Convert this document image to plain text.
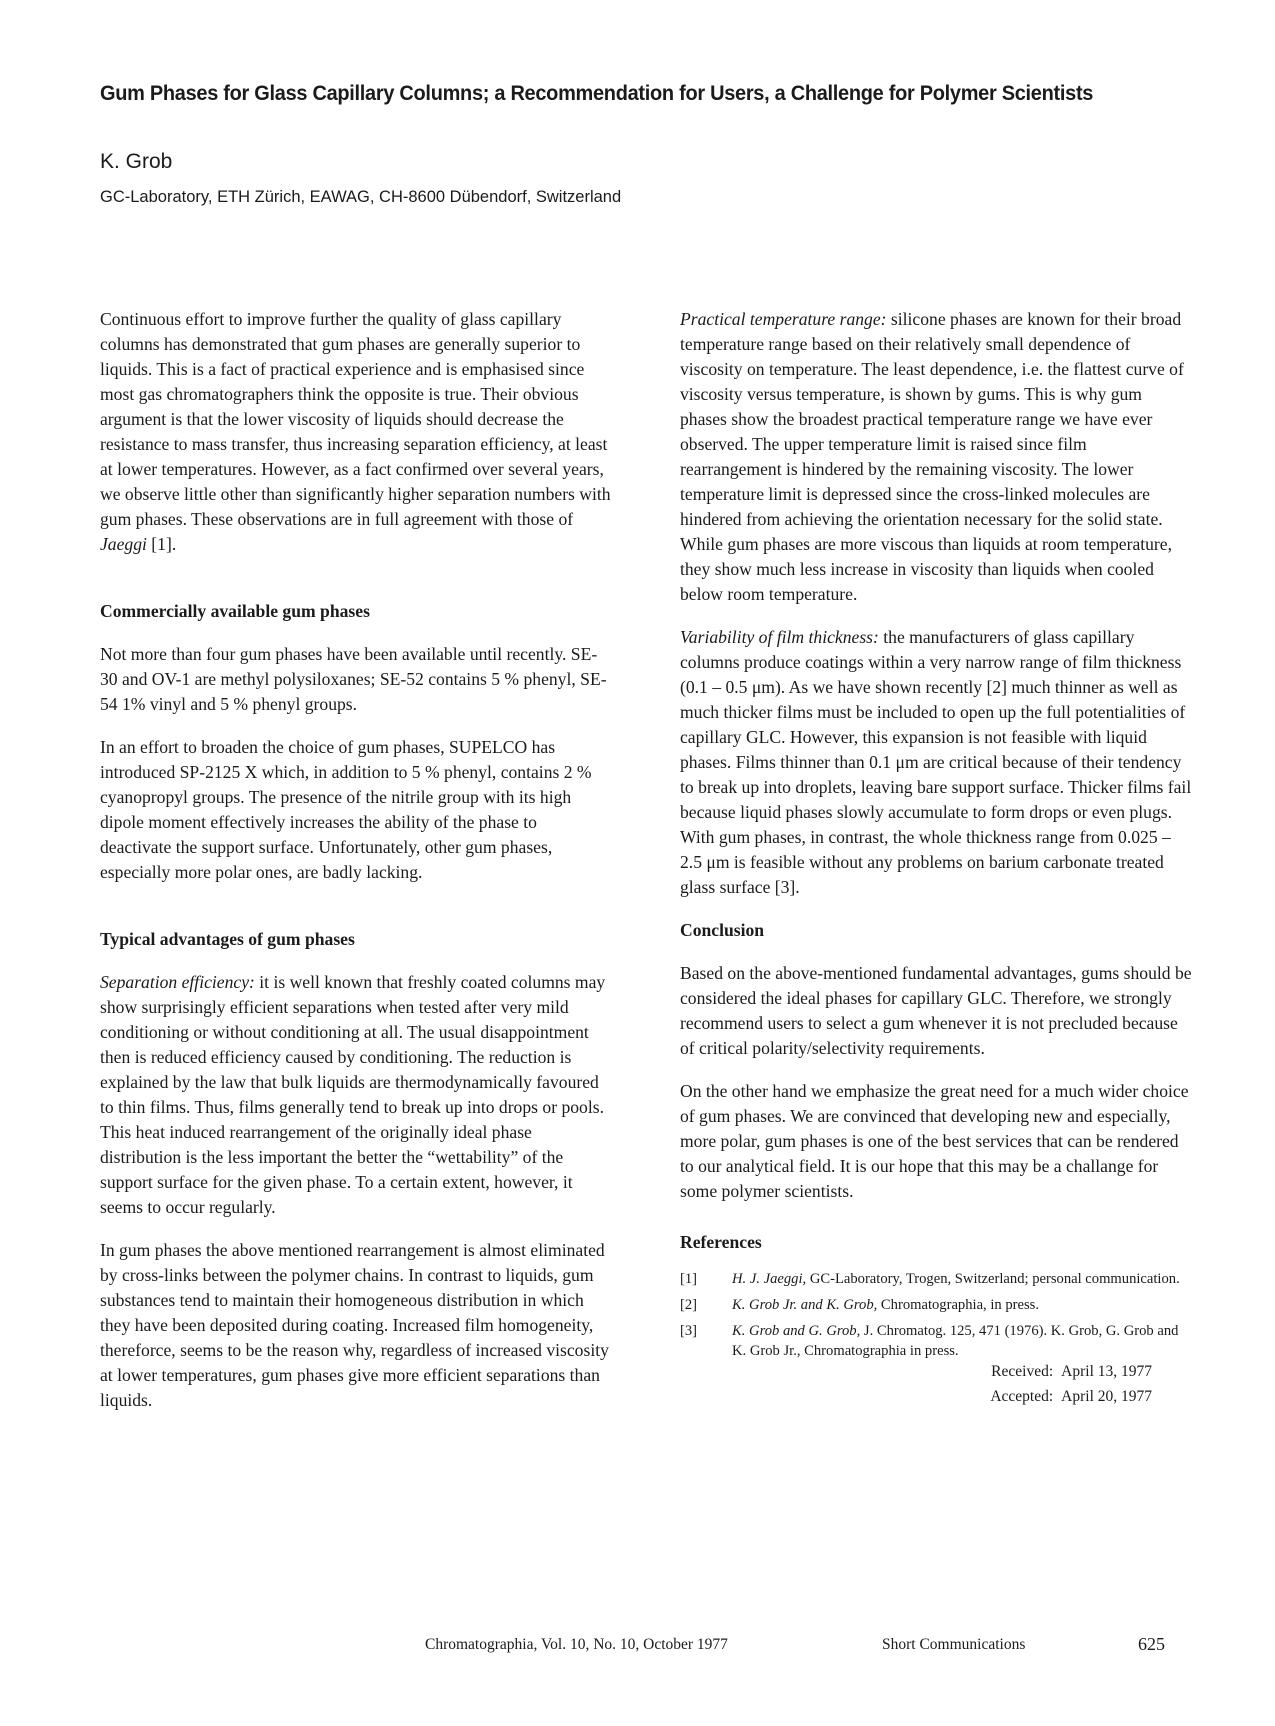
Gum Phases for Glass Capillary Columns; a Recommendation for Users, a Challenge for Polymer Scientists
K. Grob
GC-Laboratory, ETH Zürich, EAWAG, CH-8600 Dübendorf, Switzerland

Continuous effort to improve further the quality of glass capillary columns has demonstrated that gum phases are generally superior to liquids. This is a fact of practical experience and is emphasised since most gas chromatographers think the opposite is true. Their obvious argument is that the lower viscosity of liquids should decrease the resistance to mass transfer, thus increasing separation efficiency, at least at lower temperatures. However, as a fact confirmed over several years, we observe little other than significantly higher separation numbers with gum phases. These observations are in full agreement with those of Jaeggi [1].

Commercially available gum phases

Not more than four gum phases have been available until recently. SE-30 and OV-1 are methyl polysiloxanes; SE-52 contains 5 % phenyl, SE-54 1% vinyl and 5 % phenyl groups.

In an effort to broaden the choice of gum phases, SUPELCO has introduced SP-2125 X which, in addition to 5 % phenyl, contains 2 % cyanopropyl groups. The presence of the nitrile group with its high dipole moment effectively increases the ability of the phase to deactivate the support surface. Unfortunately, other gum phases, especially more polar ones, are badly lacking.

Typical advantages of gum phases

Separation efficiency: it is well known that freshly coated columns may show surprisingly efficient separations when tested after very mild conditioning or without conditioning at all. The usual disappointment then is reduced efficiency caused by conditioning. The reduction is explained by the law that bulk liquids are thermodynamically favoured to thin films. Thus, films generally tend to break up into drops or pools. This heat induced rearrangement of the originally ideal phase distribution is the less important the better the “wettability” of the support surface for the given phase. To a certain extent, however, it seems to occur regularly.

In gum phases the above mentioned rearrangement is almost eliminated by cross-links between the polymer chains. In contrast to liquids, gum substances tend to maintain their homogeneous distribution in which they have been deposited during coating. Increased film homogeneity, thereforce, seems to be the reason why, regardless of increased viscosity at lower temperatures, gum phases give more efficient separations than liquids.

Practical temperature range: silicone phases are known for their broad temperature range based on their relatively small dependence of viscosity on temperature. The least dependence, i.e. the flattest curve of viscosity versus temperature, is shown by gums. This is why gum phases show the broadest practical temperature range we have ever observed. The upper temperature limit is raised since film rearrangement is hindered by the remaining viscosity. The lower temperature limit is depressed since the cross-linked molecules are hindered from achieving the orientation necessary for the solid state. While gum phases are more viscous than liquids at room temperature, they show much less increase in viscosity than liquids when cooled below room temperature.

Variability of film thickness: the manufacturers of glass capillary columns produce coatings within a very narrow range of film thickness (0.1 – 0.5 μm). As we have shown recently [2] much thinner as well as much thicker films must be included to open up the full potentialities of capillary GLC. However, this expansion is not feasible with liquid phases. Films thinner than 0.1 μm are critical because of their tendency to break up into droplets, leaving bare support surface. Thicker films fail because liquid phases slowly accumulate to form drops or even plugs. With gum phases, in contrast, the whole thickness range from 0.025 – 2.5 μm is feasible without any problems on barium carbonate treated glass surface [3].

Conclusion

Based on the above-mentioned fundamental advantages, gums should be considered the ideal phases for capillary GLC. Therefore, we strongly recommend users to select a gum whenever it is not precluded because of critical polarity/selectivity requirements.

On the other hand we emphasize the great need for a much wider choice of gum phases. We are convinced that developing new and especially, more polar, gum phases is one of the best services that can be rendered to our analytical field. It is our hope that this may be a challange for some polymer scientists.

References
[1]	H. J. Jaeggi, GC-Laboratory, Trogen, Switzerland; personal communication.
[2]	K. Grob Jr. and K. Grob, Chromatographia, in press.
[3]	K. Grob and G. Grob, J. Chromatog. 125, 471 (1976). K. Grob, G. Grob and K. Grob Jr., Chromatographia in press.
Received: April 13, 1977
Accepted: April 20, 1977
Chromatographia, Vol. 10, No. 10, October 1977	Short Communications	625
